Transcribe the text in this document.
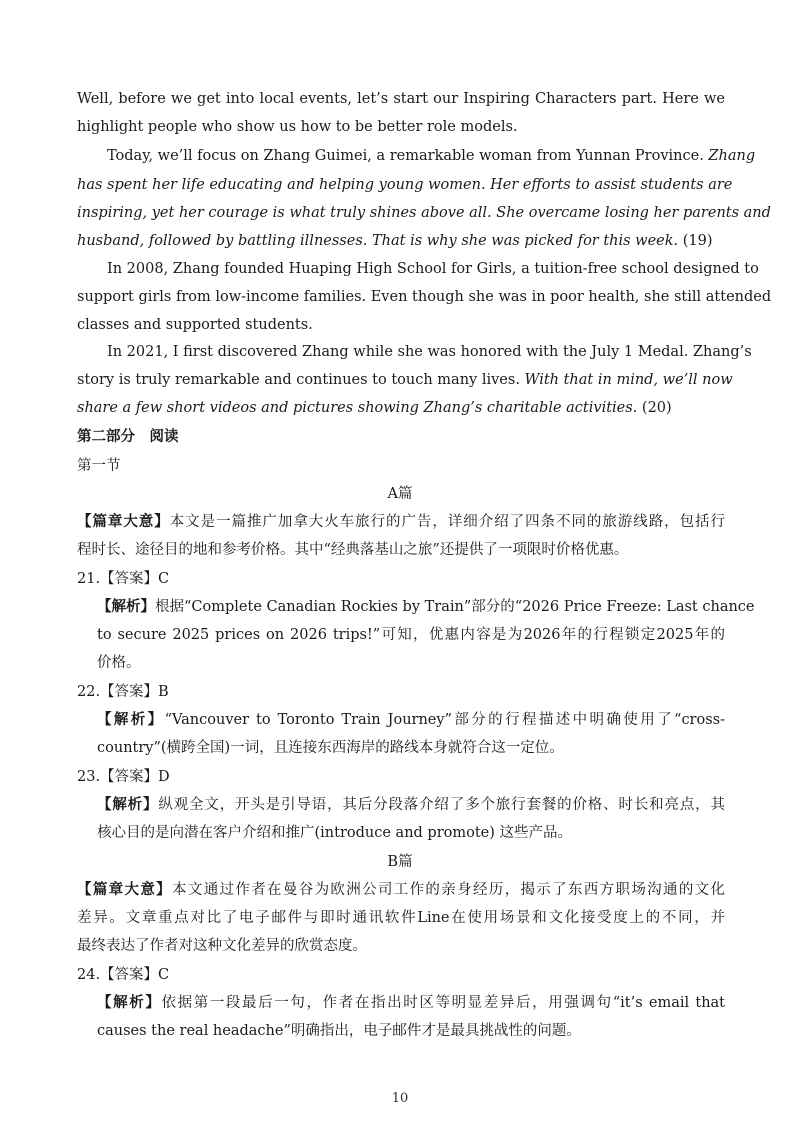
Well, before we get into local events, let’s start our Inspiring Characters part. Here we
highlight people who show us how to be better role models.
Today, we’ll focus on Zhang Guimei, a remarkable woman from Yunnan Province. Zhang
has spent her life educating and helping young women. Her efforts to assist students are
inspiring, yet her courage is what truly shines above all. She overcame losing her parents and
husband, followed by battling illnesses. That is why she was picked for this week. (19)
In 2008, Zhang founded Huaping High School for Girls, a tuition-free school designed to
support girls from low-income families. Even though she was in poor health, she still attended
classes and supported students.
In 2021, I first discovered Zhang while she was honored with the July 1 Medal. Zhang’s
story is truly remarkable and continues to touch many lives. With that in mind, we’ll now
share a few short videos and pictures showing Zhang’s charitable activities. (20)
第二部分　阅读
第一节
A篇
【篇章大意】本文是一篇推广加拿大火车旅行的广告，详细介绍了四条不同的旅游线路，包括行
程时长、途径目的地和参考价格。其中“经典落基山之旅”还提供了一项限时价格优惠。
21.【答案】C
【解析】根据“Complete Canadian Rockies by Train”部分的“2026 Price Freeze: Last chance
to secure 2025 prices on 2026 trips!”可知，优惠内容是为2026年的行程锁定2025年的
价格。
22.【答案】B
【解析】“Vancouver to Toronto Train Journey”部分的行程描述中明确使用了“cross-
country”(横跨全国)一词，且连接东西海岸的路线本身就符合这一定位。
23.【答案】D
【解析】纵观全文，开头是引导语，其后分段落介绍了多个旅行套餐的价格、时长和亮点，其
核心目的是向潜在客户介绍和推广(introduce and promote) 这些产品。
B篇
【篇章大意】本文通过作者在曼谷为欧洲公司工作的亲身经历，揭示了东西方职场沟通的文化
差异。文章重点对比了电子邮件与即时通讯软件Line在使用场景和文化接受度上的不同，并
最终表达了作者对这种文化差异的欣赏态度。
24.【答案】C
【解析】依据第一段最后一句，作者在指出时区等明显差异后，用强调句“it’s email that
causes the real headache”明确指出，电子邮件才是最具挑战性的问题。
10
